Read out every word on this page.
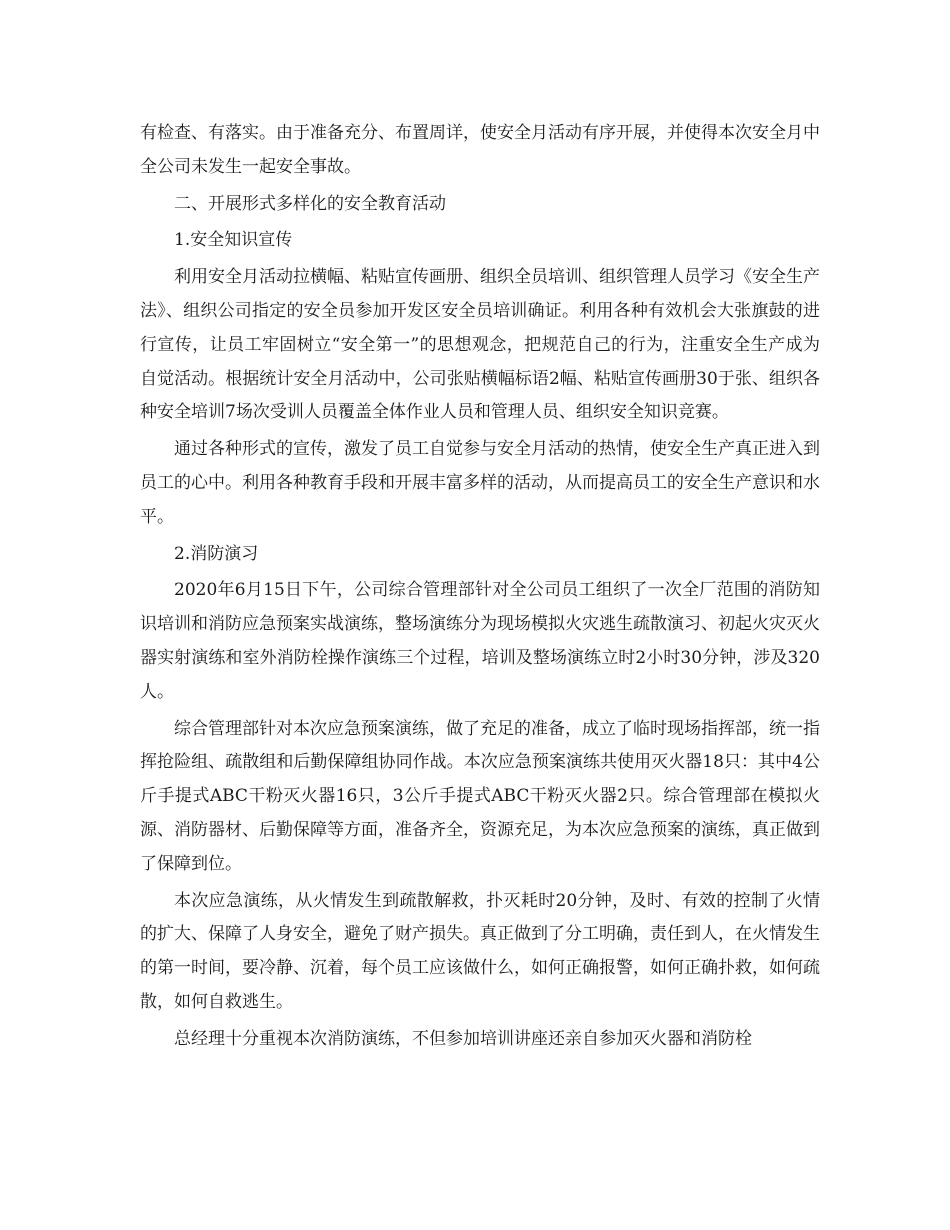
有检查、有落实。由于准备充分、布置周详，使安全月活动有序开展，并使得本次安全月中全公司未发生一起安全事故。

二、开展形式多样化的安全教育活动

1.安全知识宣传

利用安全月活动拉横幅、粘贴宣传画册、组织全员培训、组织管理人员学习《安全生产法》、组织公司指定的安全员参加开发区安全员培训确证。利用各种有效机会大张旗鼓的进行宣传，让员工牢固树立“安全第一”的思想观念，把规范自己的行为，注重安全生产成为自觉活动。根据统计安全月活动中，公司张贴横幅标语2幅、粘贴宣传画册30于张、组织各种安全培训7场次受训人员覆盖全体作业人员和管理人员、组织安全知识竞赛。

通过各种形式的宣传，激发了员工自觉参与安全月活动的热情，使安全生产真正进入到员工的心中。利用各种教育手段和开展丰富多样的活动，从而提高员工的安全生产意识和水平。

2.消防演习

2020年6月15日下午，公司综合管理部针对全公司员工组织了一次全厂范围的消防知识培训和消防应急预案实战演练，整场演练分为现场模拟火灾逃生疏散演习、初起火灾灭火器实射演练和室外消防栓操作演练三个过程，培训及整场演练立时2小时30分钟，涉及320人。

综合管理部针对本次应急预案演练，做了充足的准备，成立了临时现场指挥部，统一指挥抢险组、疏散组和后勤保障组协同作战。本次应急预案演练共使用灭火器18只：其中4公斤手提式ABC干粉灭火器16只，3公斤手提式ABC干粉灭火器2只。综合管理部在模拟火源、消防器材、后勤保障等方面，准备齐全，资源充足，为本次应急预案的演练，真正做到了保障到位。

本次应急演练，从火情发生到疏散解救，扑灭耗时20分钟，及时、有效的控制了火情的扩大、保障了人身安全，避免了财产损失。真正做到了分工明确，责任到人，在火情发生的第一时间，要冷静、沉着，每个员工应该做什么，如何正确报警，如何正确扑救，如何疏散，如何自救逃生。

总经理十分重视本次消防演练，不但参加培训讲座还亲自参加灭火器和消防栓
